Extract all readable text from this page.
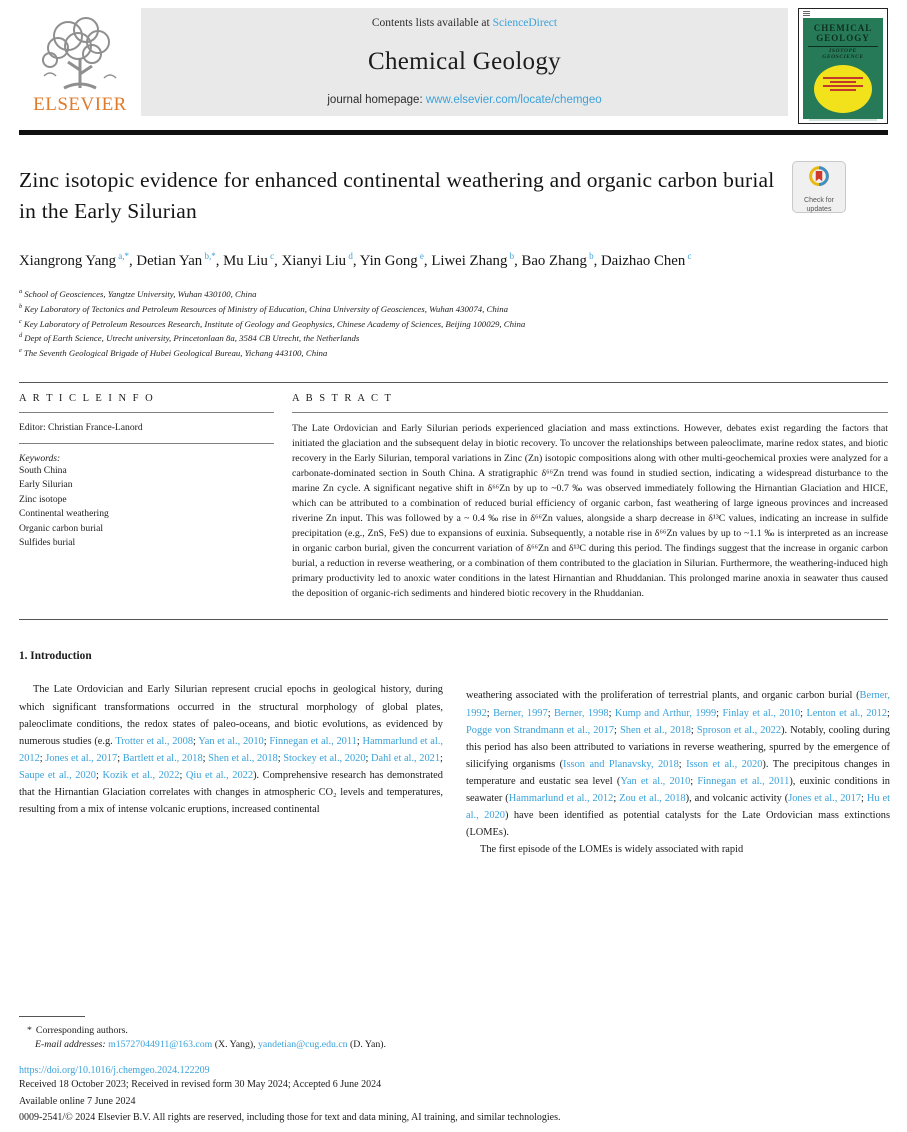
ELSEVIER
Contents lists available at ScienceDirect
Chemical Geology
journal homepage: www.elsevier.com/locate/chemgeo
CHEMICAL
GEOLOGY
ISOTOPE GEOSCIENCE
Check for
updates
Zinc isotopic evidence for enhanced continental weathering and organic carbon burial in the Early Silurian
Xiangrong Yang $^{a,*}$, Detian Yan $^{b,*}$, Mu Liu $^c$, Xianyi Liu $^d$, Yin Gong $^e$, Liwei Zhang $^b$, Bao Zhang $^b$, Daizhao Chen $^c$
$^a$ School of Geosciences, Yangtze University, Wuhan 430100, China
$^b$ Key Laboratory of Tectonics and Petroleum Resources of Ministry of Education, China University of Geosciences, Wuhan 430074, China
$^c$ Key Laboratory of Petroleum Resources Research, Institute of Geology and Geophysics, Chinese Academy of Sciences, Beijing 100029, China
$^d$ Dept of Earth Science, Utrecht university, Princetonlaan 8a, 3584 CB Utrecht, the Netherlands
$^e$ The Seventh Geological Brigade of Hubei Geological Bureau, Yichang 443100, China
A R T I C L E I N F O
Editor: Christian France-Lanord
Keywords:
South China
Early Silurian
Zinc isotope
Continental weathering
Organic carbon burial
Sulfides burial
A B S T R A C T
The Late Ordovician and Early Silurian periods experienced glaciation and mass extinctions. However, debates exist regarding the factors that initiated the glaciation and the subsequent delay in biotic recovery. To uncover the relationships between paleoclimate, marine redox states, and biotic recovery in the Early Silurian, temporal variations in Zinc (Zn) isotopic compositions along with other multi-geochemical proxies were analyzed for a carbonate-dominated section in South China. A stratigraphic δ⁶⁶Zn trend was found in studied section, indicating a widespread disturbance to the marine Zn cycle. A significant negative shift in δ⁶⁶Zn by up to ~0.7 ‰ was observed immediately following the Hirnantian Glaciation and HICE, which can be attributed to a combination of reduced burial efficiency of organic carbon, fast weathering of large igneous provinces and increased riverine Zn input. This was followed by a ~ 0.4 ‰ rise in δ⁶⁶Zn values, alongside a sharp decrease in δ¹³C values, indicating an increase in sulfide precipitation (e.g., ZnS, FeS) due to expansions of euxinia. Subsequently, a notable rise in δ⁶⁶Zn values by up to ~1.1 ‰ is interpreted as an increase in organic carbon burial, given the concurrent variation of δ⁶⁶Zn and δ¹³C during this period. The findings suggest that the increase in organic carbon burial, a reduction in reverse weathering, or a combination of them contributed to the glaciation in Silurian. Furthermore, the weathering-induced high primary productivity led to anoxic water conditions in the latest Hirnantian and Rhuddanian. This prolonged marine anoxia in seawater thus caused the deposition of organic-rich sediments and hindered biotic recovery in the Rhuddanian.
1. Introduction

The Late Ordovician and Early Silurian represent crucial epochs in geological history, during which significant transformations occurred in the structural morphology of global plates, paleoclimate conditions, the redox states of paleo-oceans, and biotic evolutions, as evidenced by numerous studies (e.g. Trotter et al., 2008; Yan et al., 2010; Finnegan et al., 2011; Hammarlund et al., 2012; Jones et al., 2017; Bartlett et al., 2018; Shen et al., 2018; Stockey et al., 2020; Dahl et al., 2021; Saupe et al., 2020; Kozik et al., 2022; Qiu et al., 2022). Comprehensive research has demonstrated that the Hirnantian Glaciation correlates with changes in atmospheric CO₂ levels and temperatures, resulting from a mix of intense volcanic eruptions, increased continental

weathering associated with the proliferation of terrestrial plants, and organic carbon burial (Berner, 1992; Berner, 1997; Berner, 1998; Kump and Arthur, 1999; Finlay et al., 2010; Lenton et al., 2012; Pogge von Strandmann et al., 2017; Shen et al., 2018; Sproson et al., 2022). Notably, cooling during this period has also been attributed to variations in reverse weathering, spurred by the emergence of silicifying organisms (Isson and Planavsky, 2018; Isson et al., 2020). The precipitous changes in temperature and eustatic sea level (Yan et al., 2010; Finnegan et al., 2011), euxinic conditions in seawater (Hammarlund et al., 2012; Zou et al., 2018), and volcanic activity (Jones et al., 2017; Hu et al., 2020) have been identified as potential catalysts for the Late Ordovician mass extinctions (LOMEs).

The first episode of the LOMEs is widely associated with rapid

* Corresponding authors.
E-mail addresses: m15727044911@163.com (X. Yang), yandetian@cug.edu.cn (D. Yan).
https://doi.org/10.1016/j.chemgeo.2024.122209
Received 18 October 2023; Received in revised form 30 May 2024; Accepted 6 June 2024
Available online 7 June 2024
0009-2541/© 2024 Elsevier B.V. All rights are reserved, including those for text and data mining, AI training, and similar technologies.
